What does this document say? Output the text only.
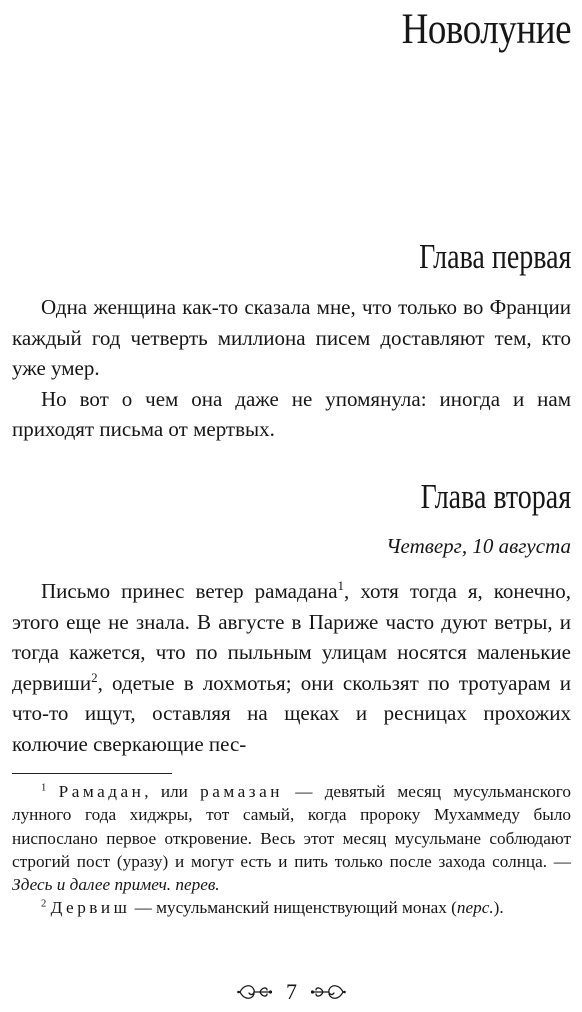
Новолуние
Глава первая

Одна женщина как-то сказала мне, что только во Франции каждый год четверть миллиона писем доставляют тем, кто уже умер.

Но вот о чем она даже не упомянула: иногда и нам приходят письма от мертвых.

Глава вторая
Четверг, 10 августа

Письмо принес ветер рамадана$^1$, хотя тогда я, конечно, этого еще не знала. В августе в Париже часто дуют ветры, и тогда кажется, что по пыльным улицам носятся маленькие дервиши$^2$, одетые в лохмотья; они скользят по тротуарам и что-то ищут, оставляя на щеках и ресницах прохожих колючие сверкающие пес-

$^1$ Рамадан, или рамазан — девятый месяц мусульманского лунного года хиджры, тот самый, когда пророку Мухаммеду было ниспослано первое откровение. Весь этот месяц мусульмане соблюдают строгий пост (уразу) и могут есть и пить только после захода солнца. — Здесь и далее примеч. перев.

$^2$ Дервиш — мусульманский нищенствующий монах (перс.).

7
